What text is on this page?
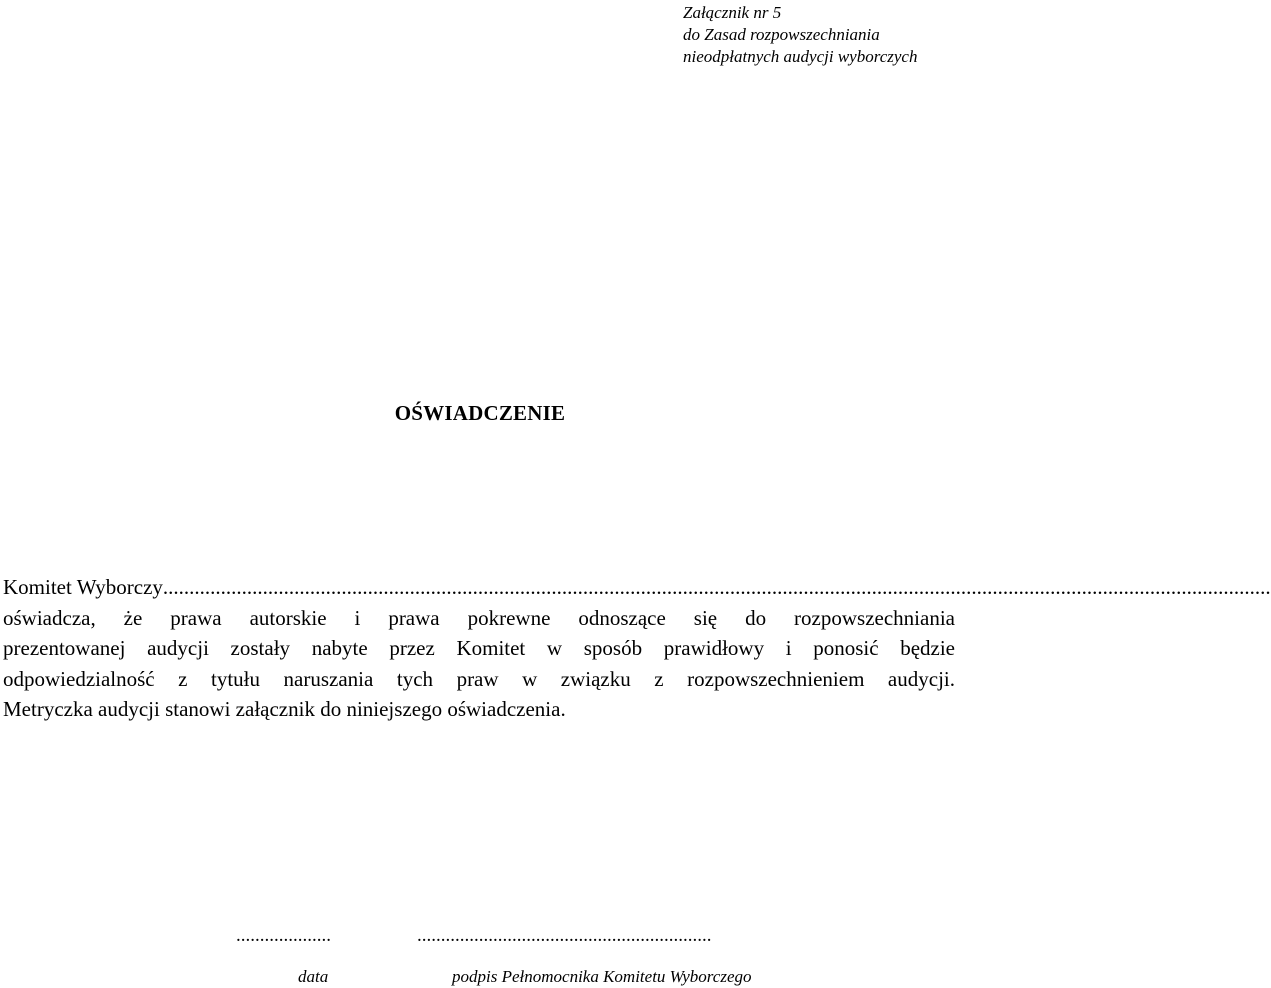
Załącznik nr 5
do Zasad rozpowszechniania
nieodpłatnych audycji wyborczych
OŚWIADCZENIE
Komitet Wyborczy ...................................................................................................................................................................................................................
oświadcza, że prawa autorskie i prawa pokrewne odnoszące się do rozpowszechniania
prezentowanej audycji zostały nabyte przez Komitet w sposób prawidłowy i ponosić będzie
odpowiedzialność z tytułu naruszania tych praw w związku z rozpowszechnieniem audycji.
Metryczka audycji stanowi załącznik do niniejszego oświadczenia.
....................	..............................................................
data	podpis Pełnomocnika Komitetu Wyborczego
